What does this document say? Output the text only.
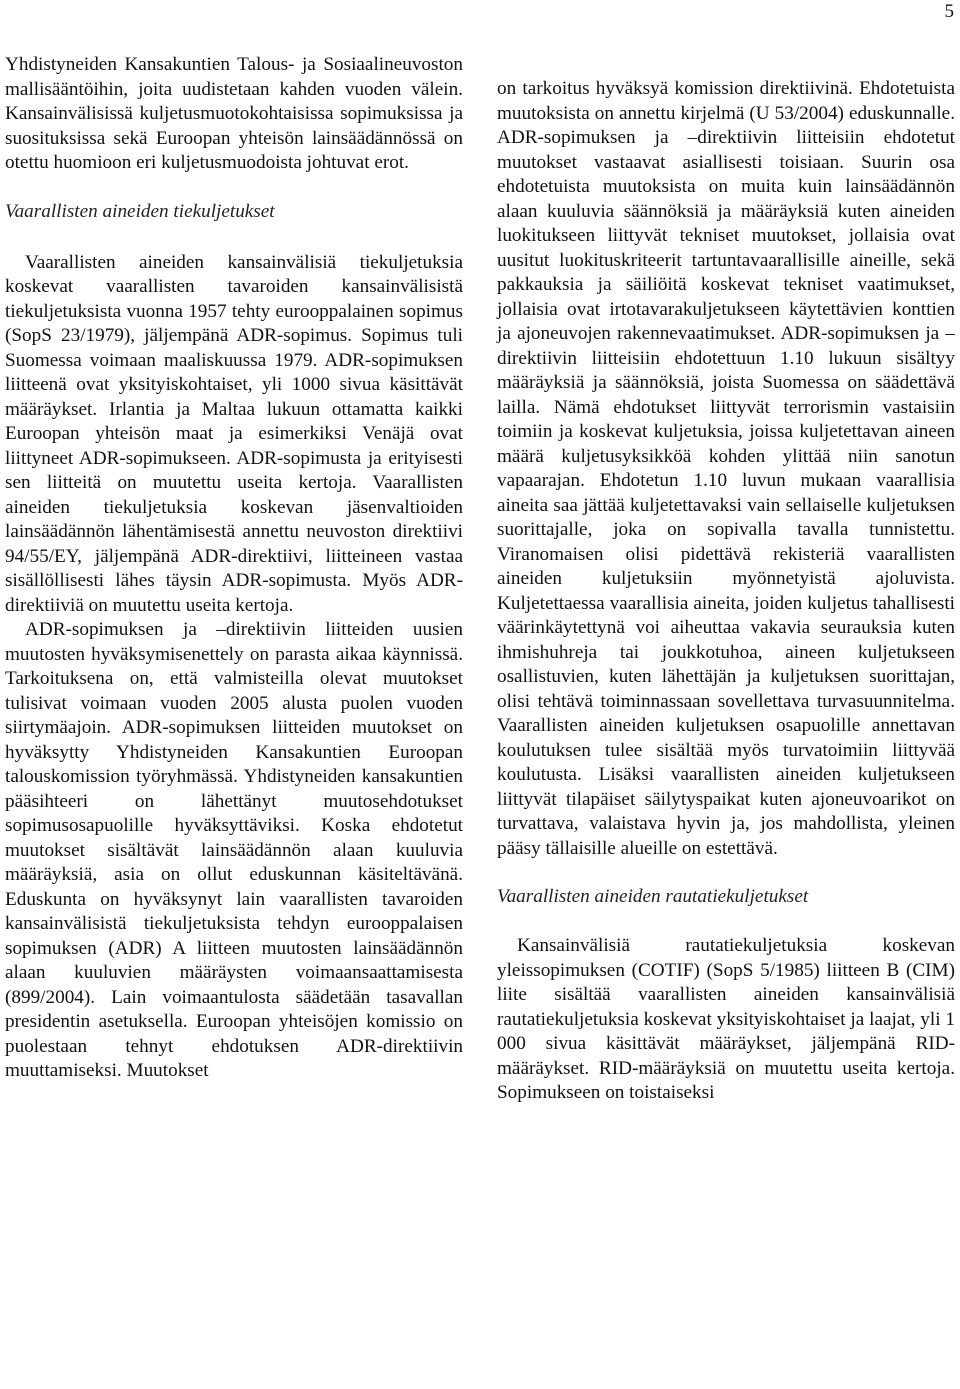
5

Yhdistyneiden Kansakuntien Talous- ja Sosiaalineuvoston mallisääntöihin, joita uudistetaan kahden vuoden välein. Kansainvälisissä kuljetusmuotokohtaisissa sopimuksissa ja suosituksissa sekä Euroopan yhteisön lainsäädännössä on otettu huomioon eri kuljetusmuodoista johtuvat erot.

Vaarallisten aineiden tiekuljetukset

Vaarallisten aineiden kansainvälisiä tiekuljetuksia koskevat vaarallisten tavaroiden kansainvälisistä tiekuljetuksista vuonna 1957 tehty eurooppalainen sopimus (SopS 23/1979), jäljempänä ADR-sopimus. Sopimus tuli Suomessa voimaan maaliskuussa 1979. ADR-sopimuksen liitteenä ovat yksityiskohtaiset, yli 1000 sivua käsittävät määräykset. Irlantia ja Maltaa lukuun ottamatta kaikki Euroopan yhteisön maat ja esimerkiksi Venäjä ovat liittyneet ADR-sopimukseen. ADR-sopimusta ja erityisesti sen liitteitä on muutettu useita kertoja. Vaarallisten aineiden tiekuljetuksia koskevan jäsenvaltioiden lainsäädännön lähentämisestä annettu neuvoston direktiivi 94/55/EY, jäljempänä ADR-direktiivi, liitteineen vastaa sisällöllisesti lähes täysin ADR-sopimusta. Myös ADR-direktiiviä on muutettu useita kertoja.

ADR-sopimuksen ja –direktiivin liitteiden uusien muutosten hyväksymisenettely on parasta aikaa käynnissä. Tarkoituksena on, että valmisteilla olevat muutokset tulisivat voimaan vuoden 2005 alusta puolen vuoden siirtymäajoin. ADR-sopimuksen liitteiden muutokset on hyväksytty Yhdistyneiden Kansakuntien Euroopan talouskomission työryhmässä. Yhdistyneiden kansakuntien pääsihteeri on lähettänyt muutosehdotukset sopimusosapuolille hyväksyttäviksi. Koska ehdotetut muutokset sisältävät lainsäädännön alaan kuuluvia määräyksiä, asia on ollut eduskunnan käsiteltävänä. Eduskunta on hyväksynyt lain vaarallisten tavaroiden kansainvälisistä tiekuljetuksista tehdyn eurooppalaisen sopimuksen (ADR) A liitteen muutosten lainsäädännön alaan kuuluvien määräysten voimaansaattamisesta (899/2004). Lain voimaantulosta säädetään tasavallan presidentin asetuksella. Euroopan yhteisöjen komissio on puolestaan tehnyt ehdotuksen ADR-direktiivin muuttamiseksi. Muutokset

on tarkoitus hyväksyä komission direktiivinä. Ehdotetuista muutoksista on annettu kirjelmä (U 53/2004) eduskunnalle. ADR-sopimuksen ja –direktiivin liitteisiin ehdotetut muutokset vastaavat asiallisesti toisiaan. Suurin osa ehdotetuista muutoksista on muita kuin lainsäädännön alaan kuuluvia säännöksiä ja määräyksiä kuten aineiden luokitukseen liittyvät tekniset muutokset, jollaisia ovat uusitut luokituskriteerit tartuntavaarallisille aineille, sekä pakkauksia ja säiliöitä koskevat tekniset vaatimukset, jollaisia ovat irtotavarakuljetukseen käytettävien konttien ja ajoneuvojen rakennevaatimukset. ADR-sopimuksen ja –direktiivin liitteisiin ehdotettuun 1.10 lukuun sisältyy määräyksiä ja säännöksiä, joista Suomessa on säädettävä lailla. Nämä ehdotukset liittyvät terrorismin vastaisiin toimiin ja koskevat kuljetuksia, joissa kuljetettavan aineen määrä kuljetusyksikköä kohden ylittää niin sanotun vapaarajan. Ehdotetun 1.10 luvun mukaan vaarallisia aineita saa jättää kuljetettavaksi vain sellaiselle kuljetuksen suorittajalle, joka on sopivalla tavalla tunnistettu. Viranomaisen olisi pidettävä rekisteriä vaarallisten aineiden kuljetuksiin myönnetyistä ajoluvista. Kuljetettaessa vaarallisia aineita, joiden kuljetus tahallisesti väärinkäytettynä voi aiheuttaa vakavia seurauksia kuten ihmishuhreja tai joukkotuhoa, aineen kuljetukseen osallistuvien, kuten lähettäjän ja kuljetuksen suorittajan, olisi tehtävä toiminnassaan sovellettava turvasuunnitelma. Vaarallisten aineiden kuljetuksen osapuolille annettavan koulutuksen tulee sisältää myös turvatoimiin liittyvää koulutusta. Lisäksi vaarallisten aineiden kuljetukseen liittyvät tilapäiset säilytyspaikat kuten ajoneuvoarikot on turvattava, valaistava hyvin ja, jos mahdollista, yleinen pääsy tällaisille alueille on estettävä.

Vaarallisten aineiden rautatiekuljetukset

Kansainvälisiä rautatiekuljetuksia koskevan yleissopimuksen (COTIF) (SopS 5/1985) liitteen B (CIM) liite sisältää vaarallisten aineiden kansainvälisiä rautatiekuljetuksia koskevat yksityiskohtaiset ja laajat, yli 1 000 sivua käsittävät määräykset, jäljempänä RID-määräykset. RID-määräyksiä on muutettu useita kertoja. Sopimukseen on toistaiseksi
